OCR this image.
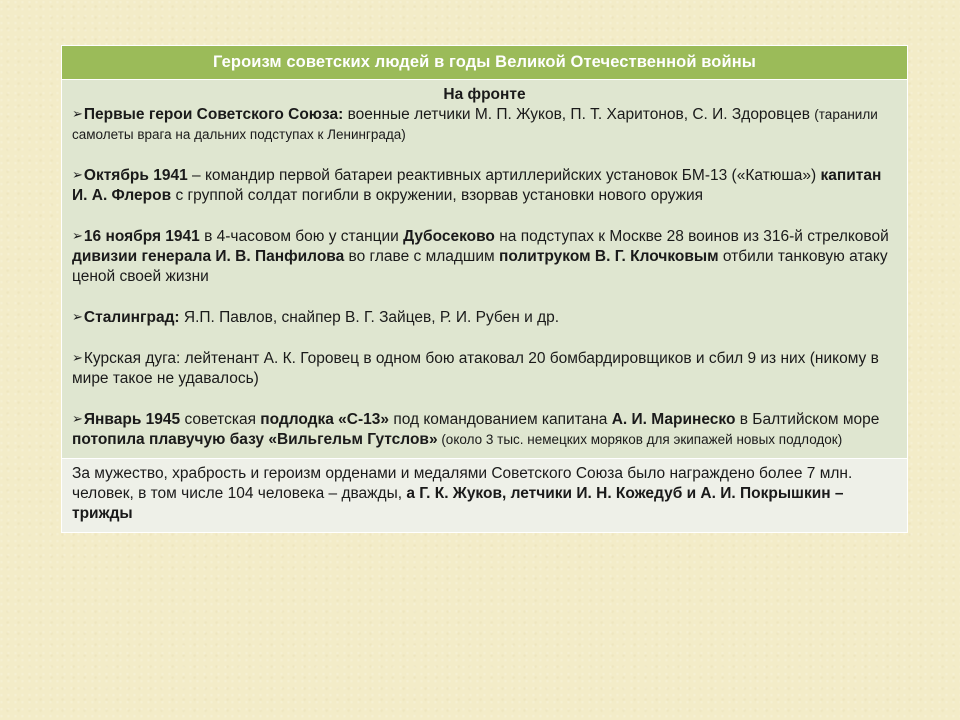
Героизм советских людей в годы Великой Отечественной войны

На фронте

➢Первые герои Советского Союза: военные летчики М. П. Жуков, П. Т. Харитонов, С. И. Здоровцев (таранили самолеты врага на дальних подступах к Ленинграда)

➢Октябрь 1941 – командир первой батареи реактивных артиллерийских установок БМ-13 («Катюша») капитан И. А. Флеров с группой солдат погибли в окружении, взорвав установки нового оружия

➢16 ноября 1941 в 4-часовом бою у станции Дубосеково на подступах к Москве 28 воинов из 316-й стрелковой дивизии генерала И. В. Панфилова во главе с младшим политруком В. Г. Клочковым отбили танковую атаку ценой своей жизни

➢Сталинград: Я.П. Павлов, снайпер В. Г. Зайцев, Р. И. Рубен и др.

➢Курская дуга: лейтенант А. К. Горовец в одном бою атаковал 20 бомбардировщиков и сбил 9 из них (никому в мире такое не удавалось)

➢Январь 1945 советская подлодка «С-13» под командованием капитана А. И. Маринеско в Балтийском море потопила плавучую базу «Вильгельм Гутслов» (около 3 тыс. немецких моряков для экипажей новых подлодок)

За мужество, храбрость и героизм орденами и медалями Советского Союза было награждено более 7 млн. человек, в том числе 104 человека – дважды, а Г. К. Жуков, летчики И. Н. Кожедуб и А. И. Покрышкин – трижды
